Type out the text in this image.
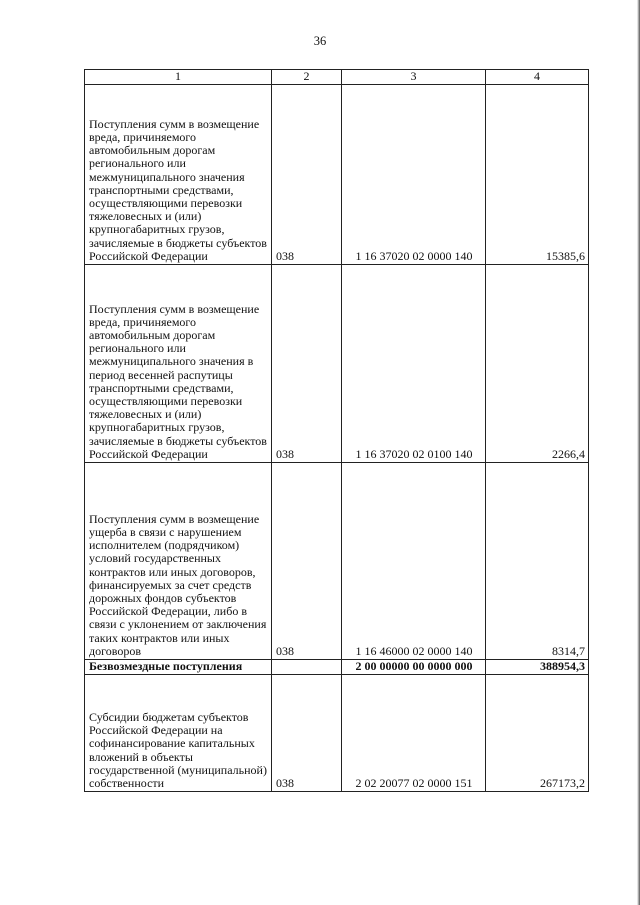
36
1	2	3	4
Поступления сумм в возмещение вреда, причиняемого автомобильным дорогам регионального или межмуниципального значения транспортными средствами, осуществляющими перевозки тяжеловесных и (или) крупногабаритных грузов, зачисляемые в бюджеты субъектов Российской Федерации	038	1 16 37020 02 0000 140	15385,6
Поступления сумм в возмещение вреда, причиняемого автомобильным дорогам регионального или межмуниципального значения в период весенней распутицы транспортными средствами, осуществляющими перевозки тяжеловесных и (или) крупногабаритных грузов, зачисляемые в бюджеты субъектов Российской Федерации	038	1 16 37020 02 0100 140	2266,4
Поступления сумм в возмещение ущерба в связи с нарушением исполнителем (подрядчиком) условий государственных контрактов или иных договоров, финансируемых за счет средств дорожных фондов субъектов Российской Федерации, либо в связи с уклонением от заключения таких контрактов или иных договоров	038	1 16 46000 02 0000 140	8314,7
Безвозмездные поступления		2 00 00000 00 0000 000	388954,3
Субсидии бюджетам субъектов Российской Федерации на софинансирование капитальных вложений в объекты государственной (муниципальной) собственности	038	2 02 20077 02 0000 151	267173,2
